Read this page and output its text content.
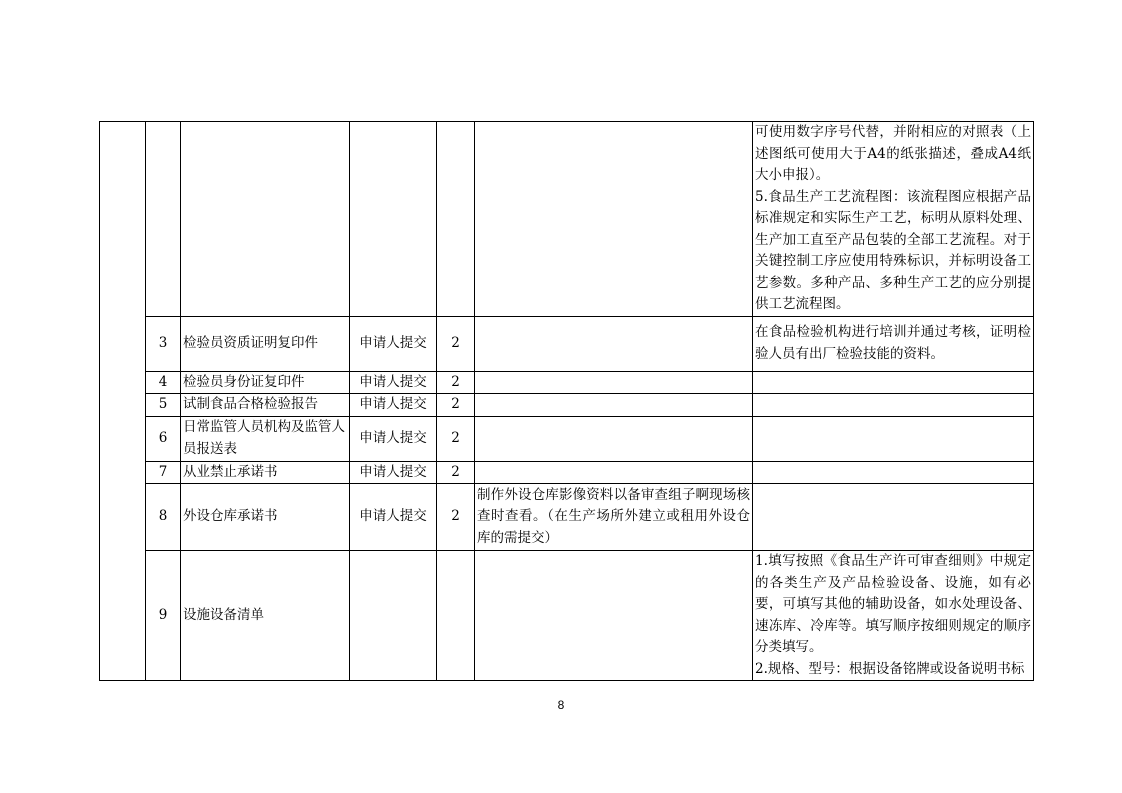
						可使用数字序号代替，并附相应的对照表（上述图纸可使用大于A4的纸张描述，叠成A4纸大小申报）。
5.食品生产工艺流程图：该流程图应根据产品标准规定和实际生产工艺，标明从原料处理、生产加工直至产品包装的全部工艺流程。对于关键控制工序应使用特殊标识，并标明设备工艺参数。多种产品、多种生产工艺的应分别提供工艺流程图。
	3	检验员资质证明复印件	申请人提交	2		在食品检验机构进行培训并通过考核，证明检验人员有出厂检验技能的资料。
	4	检验员身份证复印件	申请人提交	2		
	5	试制食品合格检验报告	申请人提交	2		
	6	日常监管人员机构及监管人员报送表	申请人提交	2		
	7	从业禁止承诺书	申请人提交	2		
	8	外设仓库承诺书	申请人提交	2	制作外设仓库影像资料以备审查组子啊现场核查时查看。（在生产场所外建立或租用外设仓库的需提交）	
	9	设施设备清单				1.填写按照《食品生产许可审查细则》中规定的各类生产及产品检验设备、设施，如有必要，可填写其他的辅助设备，如水处理设备、速冻库、冷库等。填写顺序按细则规定的顺序分类填写。
2.规格、型号：根据设备铭牌或设备说明书标
8
